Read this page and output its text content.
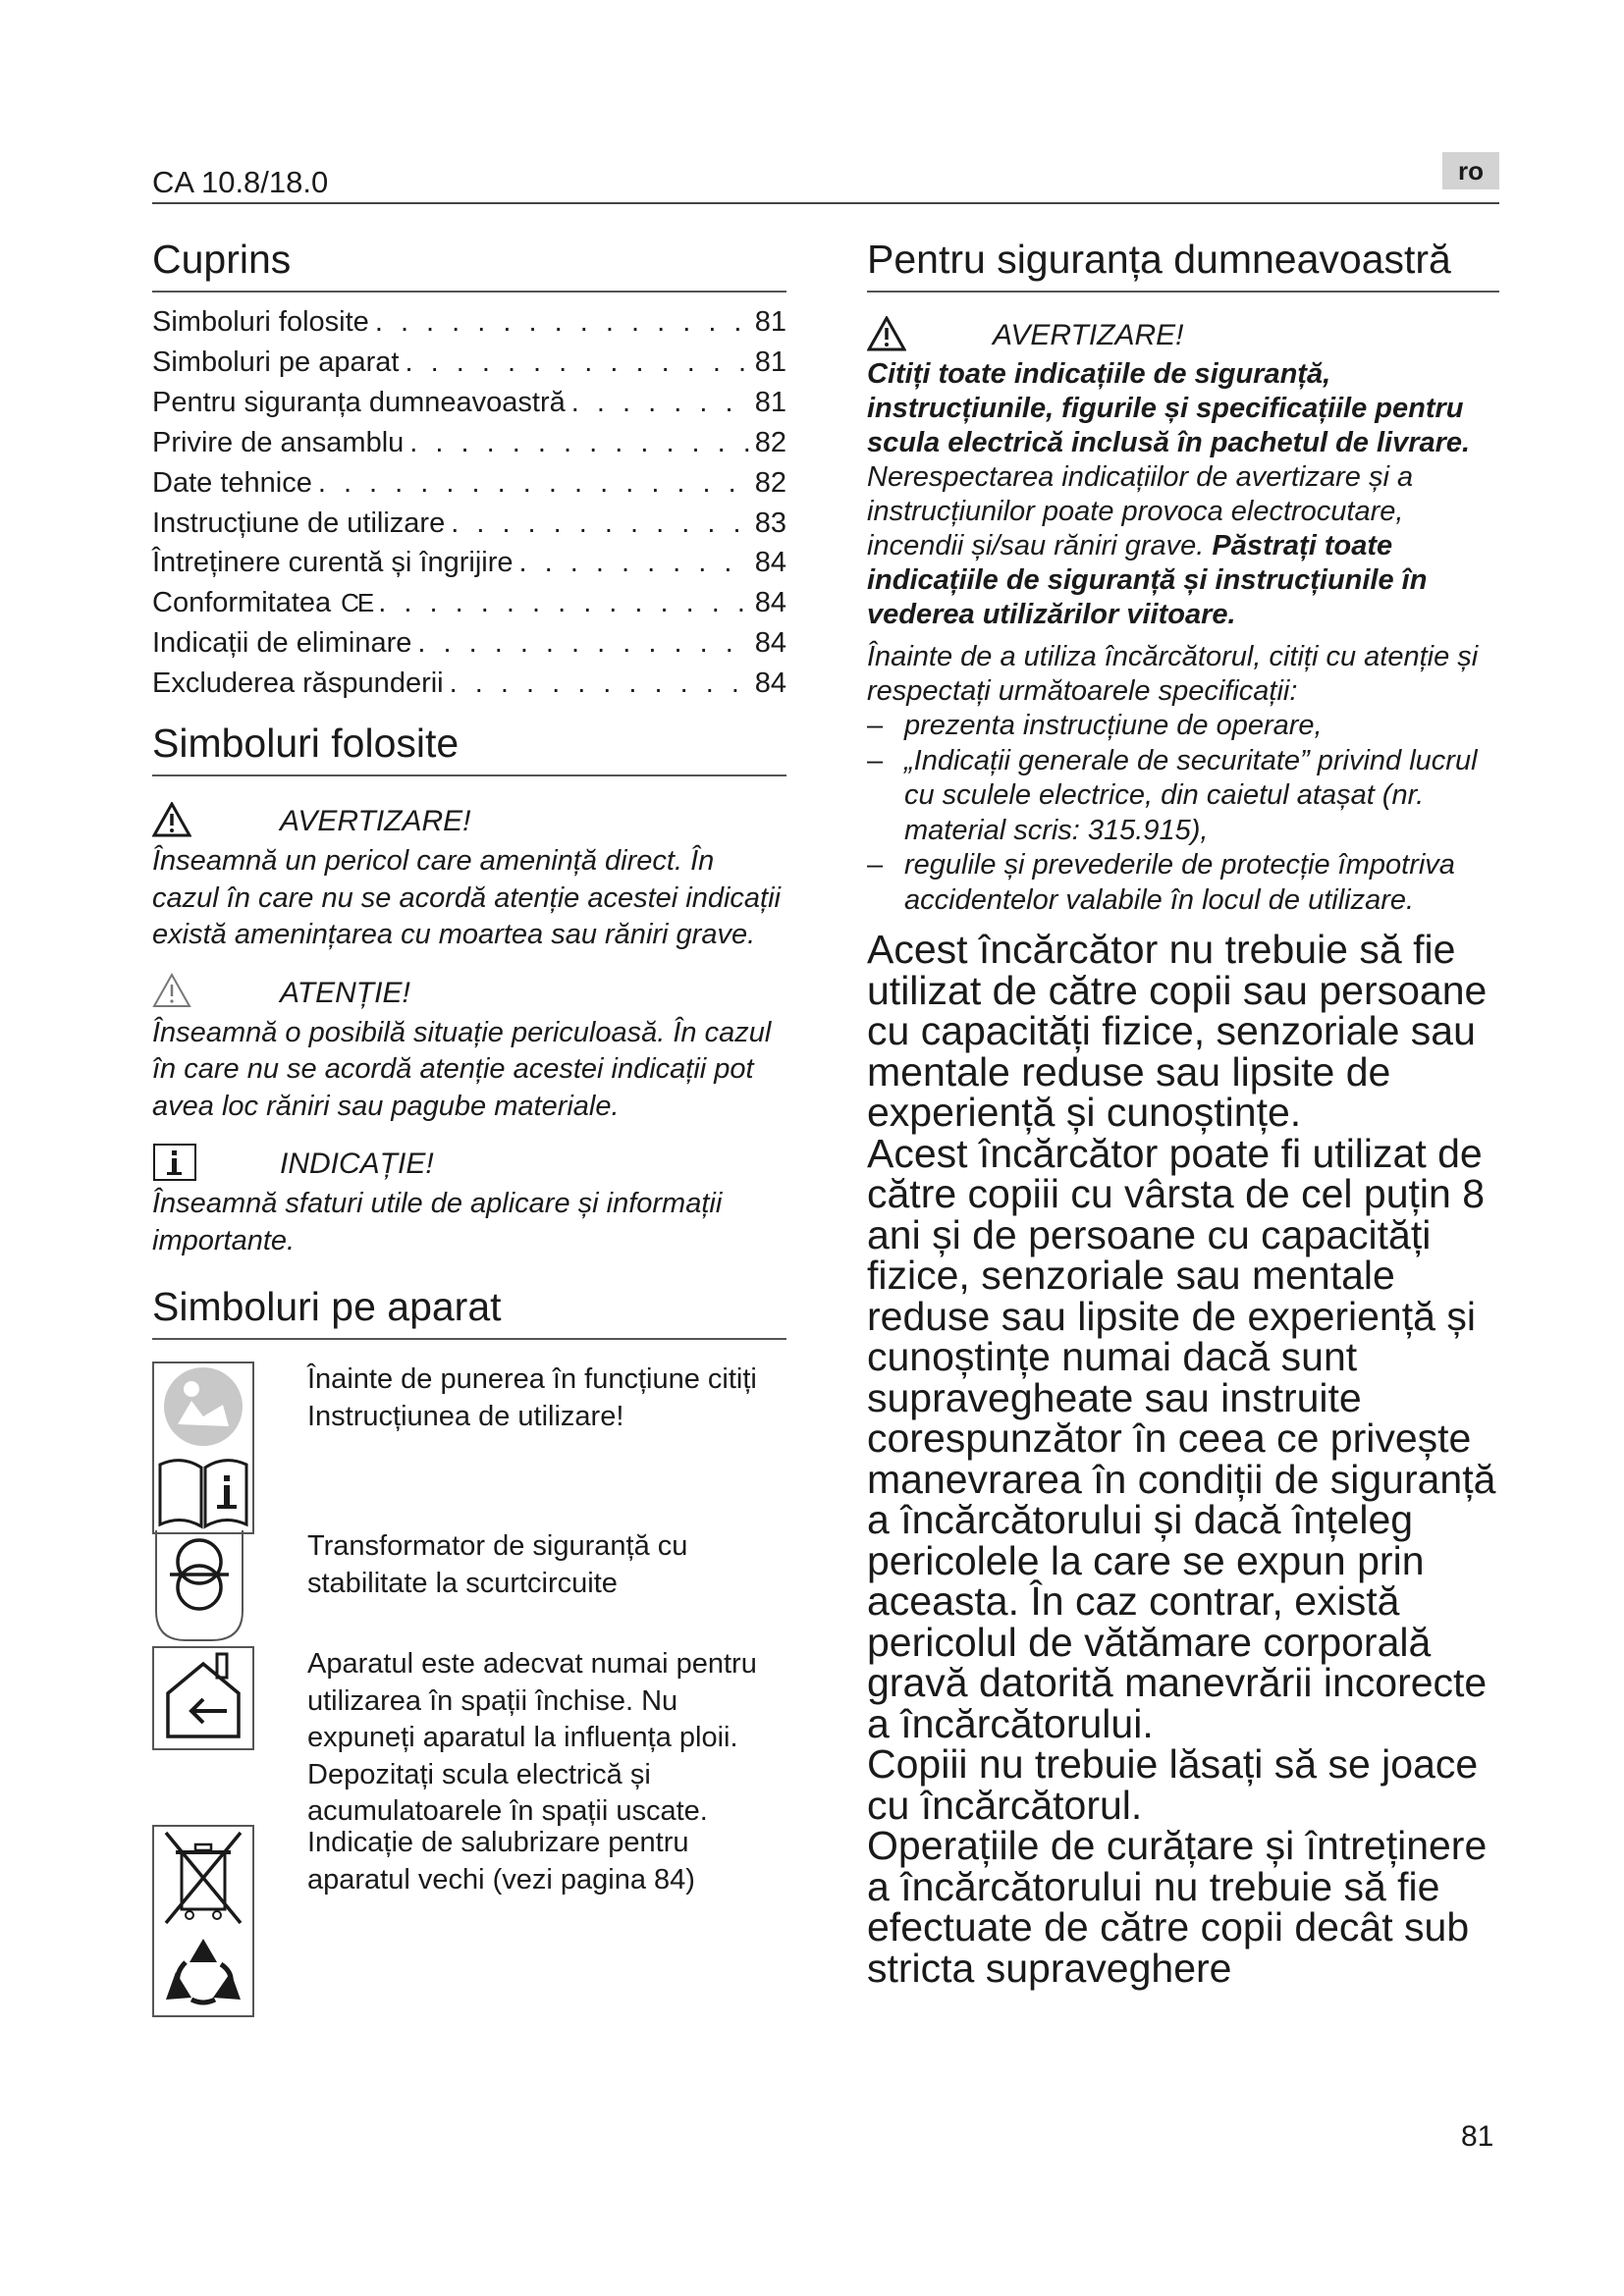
CA 10.8/18.0	ro
Cuprins
Simboluri folosite . . .	81
Simboluri pe aparat . . .	81
Pentru siguranța dumneavoastră . . .	81
Privire de ansamblu . . .	82
Date tehnice . . .	82
Instrucțiune de utilizare . . .	83
Întreținere curentă și îngrijire . . .	84
Conformitatea CE . . .	84
Indicații de eliminare . . .	84
Excluderea răspunderii . . .	84
Simboluri folosite
AVERTIZARE!
Înseamnă un pericol care amenință direct. În cazul în care nu se acordă atenție acestei indicații există amenințarea cu moartea sau răniri grave.
ATENȚIE!
Înseamnă o posibilă situație periculoasă. În cazul în care nu se acordă atenție acestei indicații pot avea loc răniri sau pagube materiale.
INDICAȚIE!
Înseamnă sfaturi utile de aplicare și informații importante.
Simboluri pe aparat
Înainte de punerea în funcțiune citiți Instrucțiunea de utilizare!
Transformator de siguranță cu stabilitate la scurtcircuite
Aparatul este adecvat numai pentru utilizarea în spații închise. Nu expuneți aparatul la influența ploii. Depozitați scula electrică și acumulatoarele în spații uscate.
Indicație de salubrizare pentru aparatul vechi (vezi pagina 84)
Pentru siguranța dumneavoastră
AVERTIZARE!
Citiți toate indicațiile de siguranță, instrucțiunile, figurile și specificațiile pentru scula electrică inclusă în pachetul de livrare.
Nerespectarea indicațiilor de avertizare și a instrucțiunilor poate provoca electrocutare, incendii și/sau răniri grave. Păstrați toate indicațiile de siguranță și instrucțiunile în vederea utilizărilor viitoare.
Înainte de a utiliza încărcătorul, citiți cu atenție și respectați următoarele specificații:
– prezenta instrucțiune de operare,
– „Indicații generale de securitate” privind lucrul cu sculele electrice, din caietul atașat (nr. material scris: 315.915),
– regulile și prevederile de protecție împotriva accidentelor valabile în locul de utilizare.
Acest încărcător nu trebuie să fie utilizat de către copii sau persoane cu capacități fizice, senzoriale sau mentale reduse sau lipsite de experiență și cunoștințe.
Acest încărcător poate fi utilizat de către copiii cu vârsta de cel puțin 8 ani și de persoane cu capacități fizice, senzoriale sau mentale reduse sau lipsite de experiență și cunoștințe numai dacă sunt supravegheate sau instruite corespunzător în ceea ce privește manevrarea în condiții de siguranță a încărcătorului și dacă înțeleg pericolele la care se expun prin aceasta. În caz contrar, există pericolul de vătămare corporală gravă datorită manevrării incorecte a încărcătorului.
Copiii nu trebuie lăsați să se joace cu încărcătorul.
Operațiile de curățare și întreținere a încărcătorului nu trebuie să fie efectuate de către copii decât sub stricta supraveghere
81
